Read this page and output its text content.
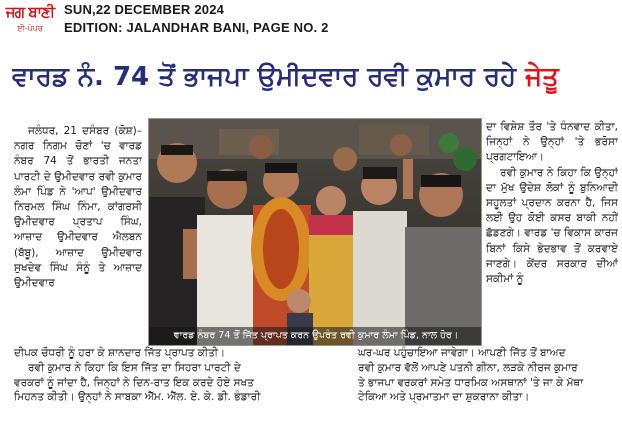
ਜਗ ਬਾਣੀ
ਈ-ਪੇਪਰ
SUN,22 DECEMBER 2024
EDITION: JALANDHAR BANI, PAGE NO. 2
ਵਾਰਡ ਨੰ. 74 ਤੋਂ ਭਾਜਪਾ ਉਮੀਦਵਾਰ ਰਵੀ ਕੁਮਾਰ ਰਹੇ ਜੇਤੂ

ਜਲੰਧਰ, 21 ਦਸੰਬਰ (ਕੋਸ਼)–ਨਗਰ ਨਿਗਮ ਚੋਣਾਂ 'ਚ ਵਾਰਡ ਨੰਬਰ 74 ਤੋਂ ਭਾਰਤੀ ਜਨਤਾ ਪਾਰਟੀ ਦੇ ਉਮੀਦਵਾਰ ਰਵੀ ਕੁਮਾਰ ਲੰਮਾ ਪਿੰਡ ਨੇ 'ਆਪ' ਉਮੀਦਵਾਰ ਨਿਰਮਲ ਸਿੰਘ ਨਿੰਮਾ, ਕਾਂਗਰਸੀ ਉਮੀਦਵਾਰ ਪ੍ਰਤਾਪ ਸਿੰਘ, ਆਜ਼ਾਦ ਉਮੀਦਵਾਰ ਐਲਬਨ (ਬੱਬੂ), ਆਜ਼ਾਦ ਉਮੀਦਵਾਰ ਸੁਖਦੇਵ ਸਿੰਘ ਸੰਨੂੰ ਤੇ ਆਜ਼ਾਦ ਉਮੀਦਵਾਰ

ਵਾਰਡ ਨੰਬਰ 74 ਤੋਂ ਜਿੱਤ ਪ੍ਰਾਪਤ ਕਰਨ ਉਪਰੰਤ ਰਵੀ ਕੁਮਾਰ ਲੰਮਾ ਪਿੰਡ, ਨਾਲ ਹੋਰ।

ਦਾ ਵਿਸ਼ੇਸ਼ ਤੌਰ 'ਤੇ ਧੰਨਵਾਦ ਕੀਤਾ, ਜਿਨ੍ਹਾਂ ਨੇ ਉਨ੍ਹਾਂ 'ਤੇ ਭਰੋਸਾ ਪ੍ਰਗਟਾਇਆ।

ਰਵੀ ਕੁਮਾਰ ਨੇ ਕਿਹਾ ਕਿ ਉਨ੍ਹਾਂ ਦਾ ਮੁੱਖ ਉਦੇਸ਼ ਲੋਕਾਂ ਨੂੰ ਬੁਨਿਆਦੀ ਸਹੂਲਤਾਂ ਪ੍ਰਦਾਨ ਕਰਨਾ ਹੈ, ਜਿਸ ਲਈ ਉਹ ਕੋਈ ਕਸਰ ਬਾਕੀ ਨਹੀਂ ਛੱਡਣਗੇ। ਵਾਰਡ 'ਚ ਵਿਕਾਸ ਕਾਰਜ ਬਿਨਾਂ ਕਿਸੇ ਭੇਦਭਾਵ ਤੋਂ ਕਰਵਾਏ ਜਾਣਗੇ। ਕੇਂਦਰ ਸਰਕਾਰ ਦੀਆਂ ਸਕੀਮਾਂ ਨੂੰ

ਦੀਪਕ ਚੌਧਰੀ ਨੂੰ ਹਰਾ ਕੇ ਸ਼ਾਨਦਾਰ ਜਿੱਤ ਪ੍ਰਾਪਤ ਕੀਤੀ।

ਰਵੀ ਕੁਮਾਰ ਨੇ ਕਿਹਾ ਕਿ ਇਸ ਜਿੱਤ ਦਾ ਸਿਹਰਾ ਪਾਰਟੀ ਦੇ

ਵਰਕਰਾਂ ਨੂੰ ਜਾਂਦਾ ਹੈ, ਜਿਨ੍ਹਾਂ ਨੇ ਦਿਨ-ਰਾਤ ਇਕ ਕਰਦੇ ਹੋਏ ਸਖਤ

ਮਿਹਨਤ ਕੀਤੀ। ਉਨ੍ਹਾਂ ਨੇ ਸਾਬਕਾ ਐੱਮ. ਐੱਲ. ਏ. ਕੇ. ਡੀ. ਭੰਡਾਰੀ

ਘਰ-ਘਰ ਪਹੁੰਚਾਇਆ ਜਾਵੇਗਾ। ਆਪਣੀ ਜਿੱਤ ਤੋਂ ਬਾਅਦ

ਰਵੀ ਕੁਮਾਰ ਵੱਲੋਂ ਆਪਣੇ ਪਤਨੀ ਗੀਨਾ, ਲੜਕੇ ਨੀਰਜ ਕੁਮਾਰ

ਤੇ ਭਾਜਪਾ ਵਰਕਰਾਂ ਸਮੇਤ ਧਾਰਮਿਕ ਅਸਥਾਨਾਂ 'ਤੇ ਜਾ ਕੇ ਮੱਥਾ

ਟੇਕਿਆ ਅਤੇ ਪ੍ਰਮਾਤਮਾ ਦਾ ਸ਼ੁਕਰਾਨਾ ਕੀਤਾ।
